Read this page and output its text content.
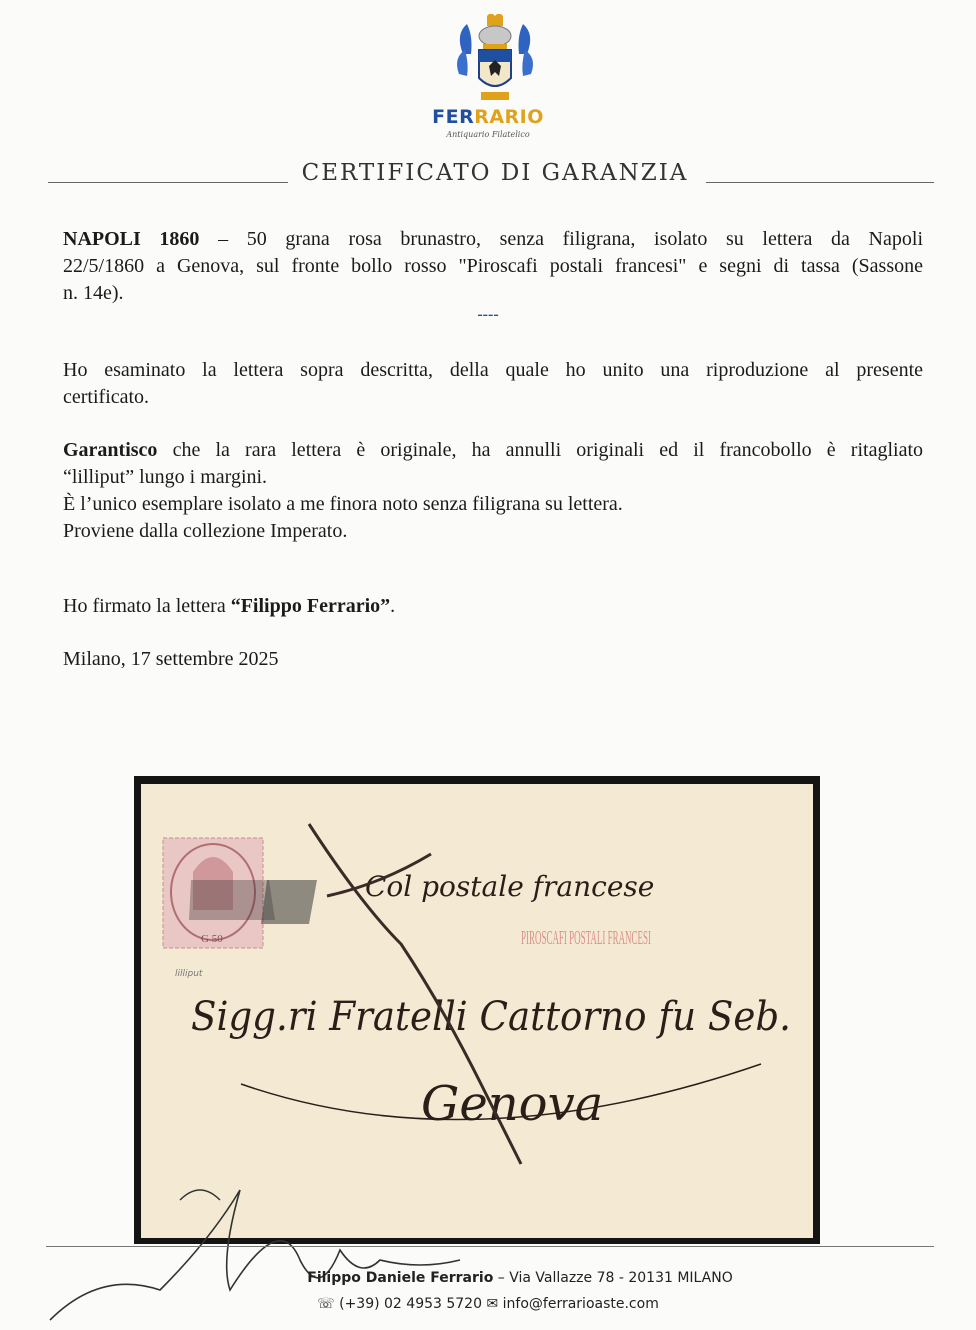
FERRARIO
Antiquario Filatelico
CERTIFICATO DI GARANZIA
NAPOLI 1860 – 50 grana rosa brunastro, senza filigrana, isolato su lettera da Napoli
22/5/1860 a Genova, sul fronte bollo rosso "Piroscafi postali francesi" e segni di tassa (Sassone
n. 14e).
----
Ho esaminato la lettera sopra descritta, della quale ho unito una riproduzione al presente
certificato.
Garantisco che la rara lettera è originale, ha annulli originali ed il francobollo è ritagliato
“lilliput” lungo i margini.
È l’unico esemplare isolato a me finora noto senza filigrana su lettera.
Proviene dalla collezione Imperato.
Ho firmato la lettera “Filippo Ferrario”.
Milano, 17 settembre 2025
G 50
lilliput
PIROSCAFI POSTALI FRANCESI
Col postale francese
Sigg.ri Fratelli Cattorno fu Seb.
Genova
Filippo Daniele Ferrario – Via Vallazze 78 - 20131 MILANO
☏ (+39) 02 4953 5720 ✉ info@ferrarioaste.com
